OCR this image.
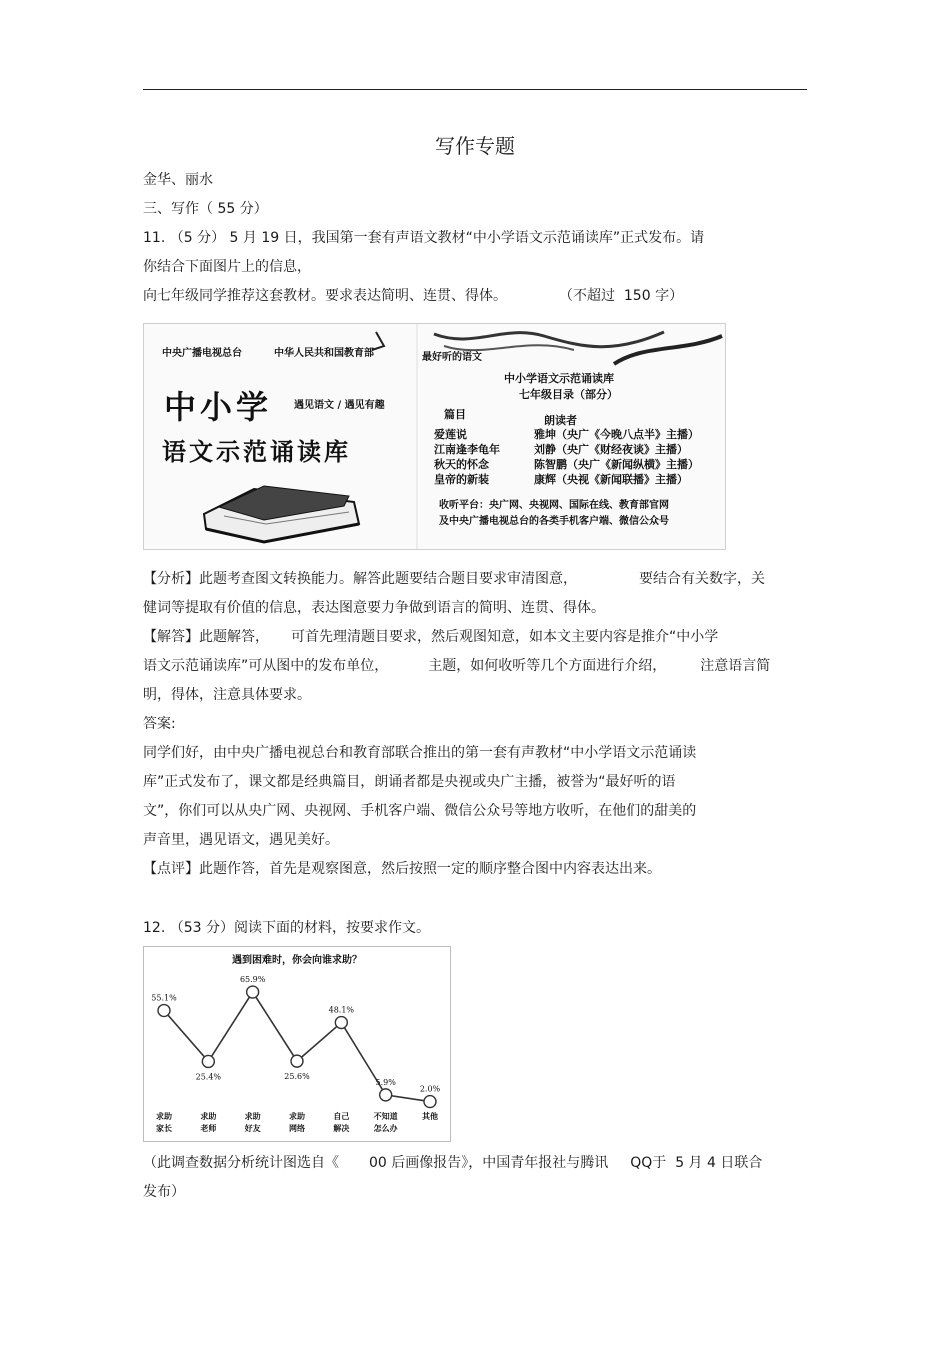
写作专题
金华、丽水
三、写作（ 55 分）
11. （5 分） 5 月 19 日，我国第一套有声语文教材“中小学语文示范诵读库”正式发布。请
你结合下面图片上的信息，
向七年级同学推荐这套教材。要求表达简明、连贯、得体。	（不超过  150 字）
中央广播电视总台	中华人民共和国教育部
中小学 遇见语文 / 遇见有趣
语文示范诵读库
最好听的语文
中小学语文示范诵读库
七年级目录（部分）
篇目	朗读者
爱莲说	雅坤（央广《今晚八点半》主播）
江南逢李龟年	刘静（央广《财经夜谈》主播）
秋天的怀念	陈智鹏（央广《新闻纵横》主播）
皇帝的新装	康辉（央视《新闻联播》主播）
收听平台：央广网、央视网、国际在线、教育部官网
及中央广播电视总台的各类手机客户端、微信公众号
【分析】此题考查图文转换能力。解答此题要结合题目要求审清图意，	要结合有关数字，关
健词等提取有价值的信息，表达图意要力争做到语言的简明、连贯、得体。
【解答】此题解答， 可首先理清题目要求，然后观图知意，如本文主要内容是推介“中小学
语文示范诵读库”可从图中的发布单位，	主题，如何收听等几个方面进行介绍， 注意语言简
明，得体，注意具体要求。
答案:
同学们好，由中央广播电视总台和教育部联合推出的第一套有声教材“中小学语文示范诵读
库”正式发布了，课文都是经典篇目，朗诵者都是央视或央广主播，被誉为“最好听的语
文”，你们可以从央广网、央视网、手机客户端、微信公众号等地方收听，在他们的甜美的
声音里，遇见语文，遇见美好。
【点评】此题作答，首先是观察图意，然后按照一定的顺序整合图中内容表达出来。
12. （53 分）阅读下面的材料，按要求作文。
遇到困难时，你会向谁求助？
55.1%
求助
家长
25.4%
求助
老师
65.9%
求助
好友
25.6%
求助
网络
48.1%
自己
解决
5.9%
不知道
怎么办
2.0%
其他
（此调查数据分析统计图选自《 00 后画像报告》，中国青年报社与腾讯 QQ于  5 月 4 日联合
发布）
